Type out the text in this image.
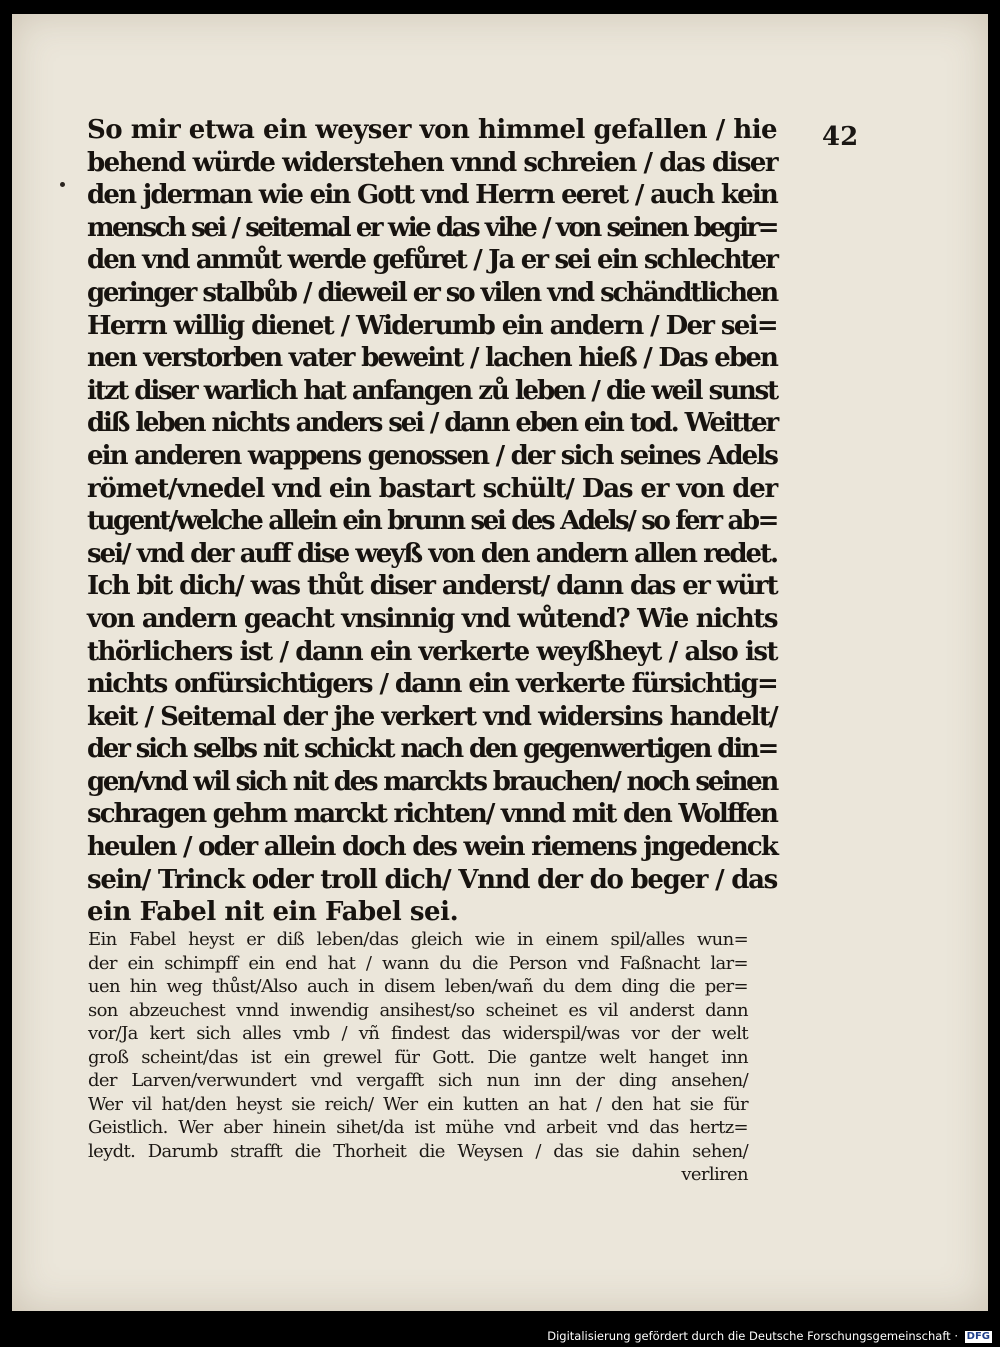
42
So mir etwa ein weyser von himmel gefallen / hie
behend würde widerstehen vnnd schreien / das diser
den jderman wie ein Gott vnd Herrn eeret / auch kein
mensch sei / seitemal er wie das vihe / von seinen begir=
den vnd anmůt werde gefůret / Ja er sei ein schlechter
geringer stalbůb / dieweil er so vilen vnd schändtlichen
Herrn willig dienet / Widerumb ein andern / Der sei=
nen verstorben vater beweint / lachen hieß / Das eben
itzt diser warlich hat anfangen zů leben / die weil sunst
diß leben nichts anders sei / dann eben ein tod. Weitter
ein anderen wappens genossen / der sich seines Adels
römet/vnedel vnd ein bastart schült/ Das er von der
tugent/welche allein ein brunn sei des Adels/ so ferr ab=
sei/ vnd der auff dise weyß von den andern allen redet.
Ich bit dich/ was thůt diser anderst/ dann das er würt
von andern geacht vnsinnig vnd wůtend? Wie nichts
thörlichers ist / dann ein verkerte weyßheyt / also ist
nichts onfürsichtigers / dann ein verkerte fürsichtig=
keit / Seitemal der jhe verkert vnd widersins handelt/
der sich selbs nit schickt nach den gegenwertigen din=
gen/vnd wil sich nit des marckts brauchen/ noch seinen
schragen gehm marckt richten/ vnnd mit den Wolffen
heulen / oder allein doch des wein riemens jngedenck
sein/ Trinck oder troll dich/ Vnnd der do beger / das
ein Fabel nit ein Fabel sei.
Ein Fabel heyst er diß leben/das gleich wie in einem spil/alles wun=
der ein schimpff ein end hat / wann du die Person vnd Faßnacht lar=
uen hin weg thůst/Also auch in disem leben/wañ du dem ding die per=
son abzeuchest vnnd inwendig ansihest/so scheinet es vil anderst dann
vor/Ja kert sich alles vmb / vñ findest das widerspil/was vor der welt
groß scheint/das ist ein grewel für Gott. Die gantze welt hanget inn
der Larven/verwundert vnd vergafft sich nun inn der ding ansehen/
Wer vil hat/den heyst sie reich/ Wer ein kutten an hat / den hat sie für
Geistlich. Wer aber hinein sihet/da ist mühe vnd arbeit vnd das hertz=
leydt. Darumb strafft die Thorheit die Weysen / das sie dahin sehen/
verliren
Digitalisierung gefördert durch die Deutsche Forschungsgemeinschaft · DFG
